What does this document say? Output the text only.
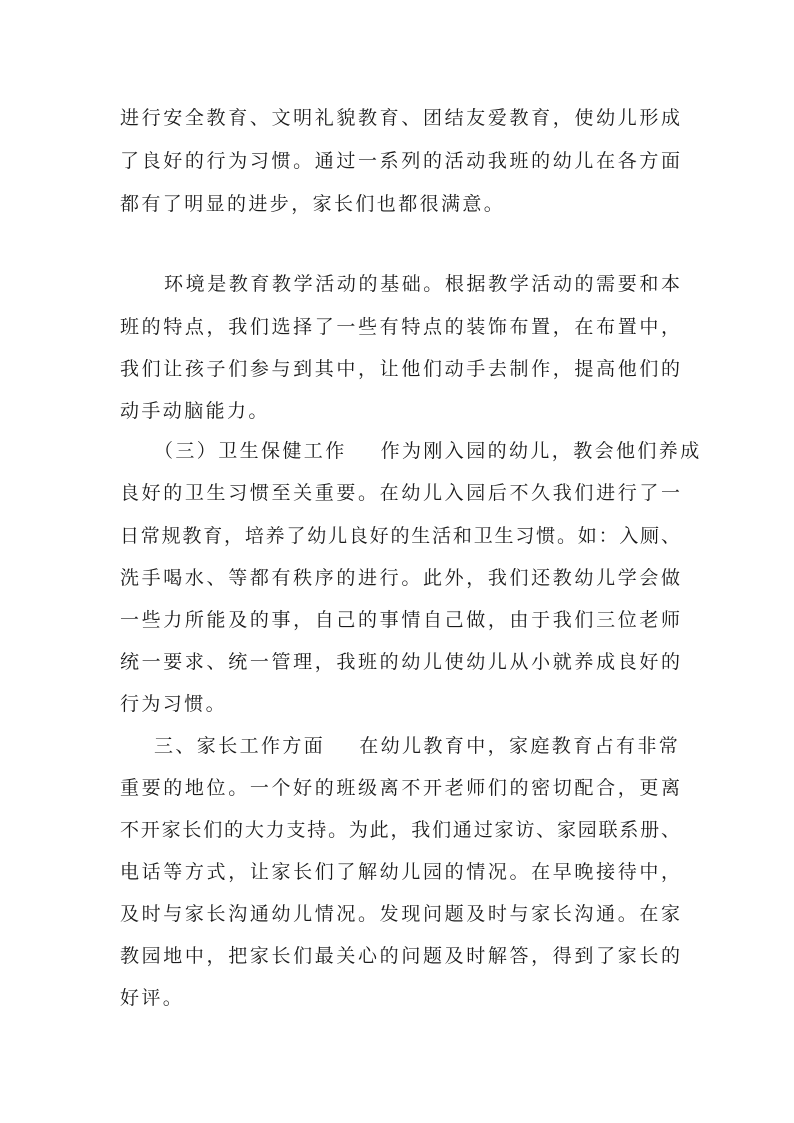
进行安全教育、文明礼貌教育、团结友爱教育，使幼儿形成
了良好的行为习惯。通过一系列的活动我班的幼儿在各方面
都有了明显的进步，家长们也都很满意。
环境是教育教学活动的基础。根据教学活动的需要和本
班的特点，我们选择了一些有特点的装饰布置，在布置中，
我们让孩子们参与到其中，让他们动手去制作，提高他们的
动手动脑能力。
（三）卫生保健工作 作为刚入园的幼儿，教会他们养成
良好的卫生习惯至关重要。在幼儿入园后不久我们进行了一
日常规教育，培养了幼儿良好的生活和卫生习惯。如：入厕、
洗手喝水、等都有秩序的进行。此外，我们还教幼儿学会做
一些力所能及的事，自己的事情自己做，由于我们三位老师
统一要求、统一管理，我班的幼儿使幼儿从小就养成良好的
行为习惯。
三、家长工作方面 在幼儿教育中，家庭教育占有非常
重要的地位。一个好的班级离不开老师们的密切配合，更离
不开家长们的大力支持。为此，我们通过家访、家园联系册、
电话等方式，让家长们了解幼儿园的情况。在早晚接待中，
及时与家长沟通幼儿情况。发现问题及时与家长沟通。在家
教园地中，把家长们最关心的问题及时解答，得到了家长的
好评。
